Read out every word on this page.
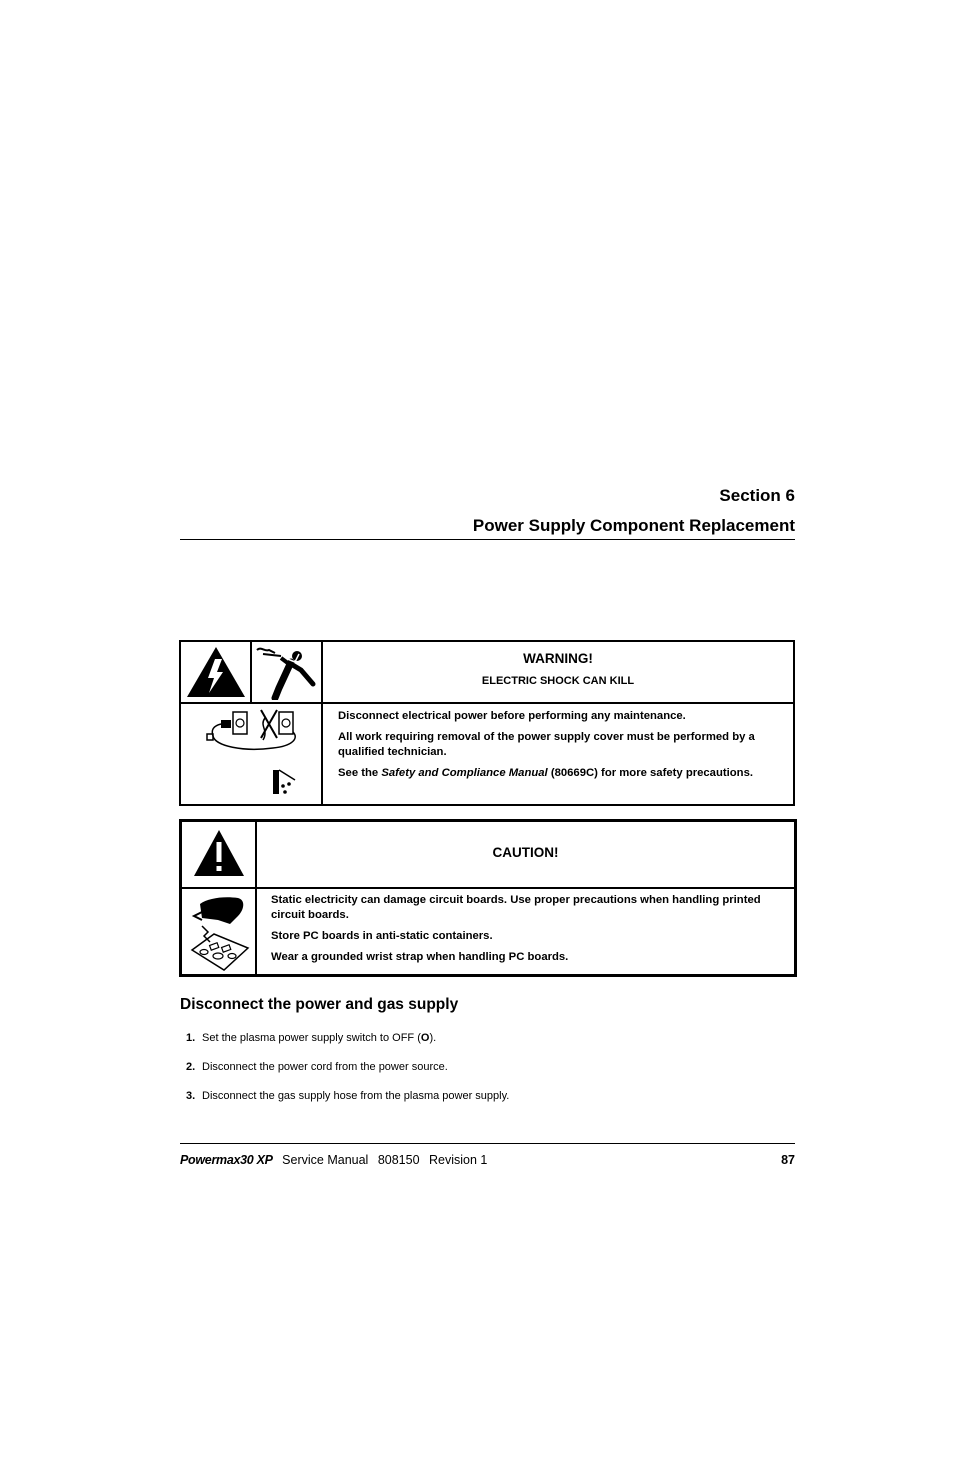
Section 6
Power Supply Component Replacement
WARNING!
ELECTRIC SHOCK CAN KILL

Disconnect electrical power before performing any maintenance.

All work requiring removal of the power supply cover must be performed by a qualified technician.

See the Safety and Compliance Manual (80669C) for more safety precautions.

CAUTION!

Static electricity can damage circuit boards. Use proper precautions when handling printed circuit boards.

Store PC boards in anti-static containers.

Wear a grounded wrist strap when handling PC boards.

Disconnect the power and gas supply
1. Set the plasma power supply switch to OFF (O).
2. Disconnect the power cord from the power source.
3. Disconnect the gas supply hose from the plasma power supply.
Powermax30 XP Service Manual 808150 Revision 1	87
